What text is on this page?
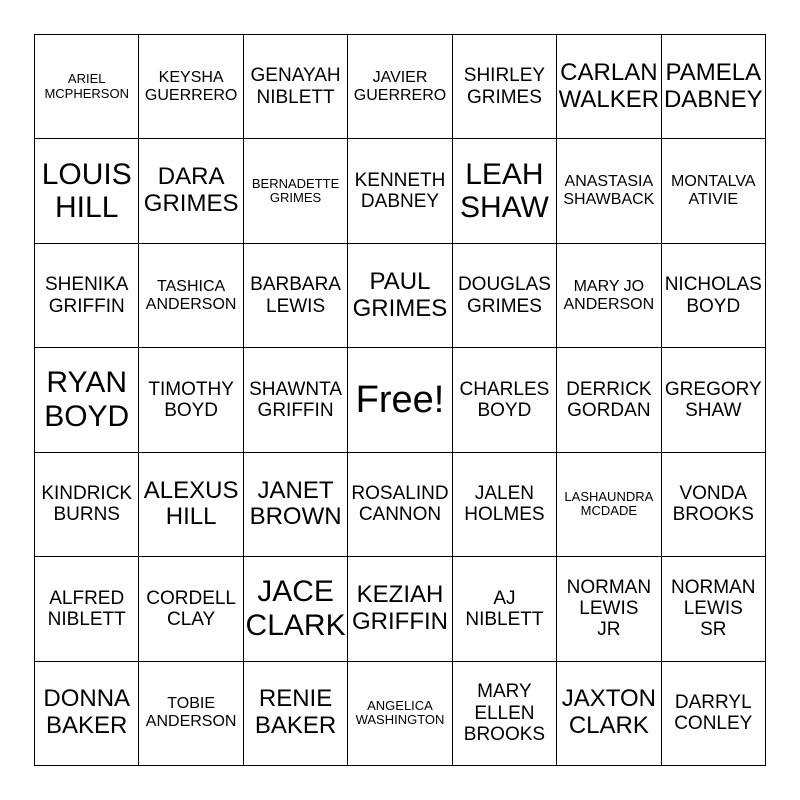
ARIEL
MCPHERSON
KEYSHA
GUERRERO
GENAYAH
NIBLETT
JAVIER
GUERRERO
SHIRLEY
GRIMES
CARLAN
WALKER
PAMELA
DABNEY
LOUIS
HILL
DARA
GRIMES
BERNADETTE
GRIMES
KENNETH
DABNEY
LEAH
SHAW
ANASTASIA
SHAWBACK
MONTALVA
ATIVIE
SHENIKA
GRIFFIN
TASHICA
ANDERSON
BARBARA
LEWIS
PAUL
GRIMES
DOUGLAS
GRIMES
MARY JO
ANDERSON
NICHOLAS
BOYD
RYAN
BOYD
TIMOTHY
BOYD
SHAWNTA
GRIFFIN Free! CHARLES
BOYD
DERRICK
GORDAN
GREGORY
SHAW
KINDRICK
BURNS
ALEXUS
HILL
JANET
BROWN
ROSALIND
CANNON
JALEN
HOLMES
LASHAUNDRA
MCDADE
VONDA
BROOKS
ALFRED
NIBLETT
CORDELL
CLAY
JACE
CLARK
KEZIAH
GRIFFIN
AJ
NIBLETT
NORMAN
LEWIS
JR
NORMAN
LEWIS
SR
DONNA
BAKER
TOBIE
ANDERSON
RENIE
BAKER
ANGELICA
WASHINGTON
MARY
ELLEN
BROOKS
JAXTON
CLARK
DARRYL
CONLEY
